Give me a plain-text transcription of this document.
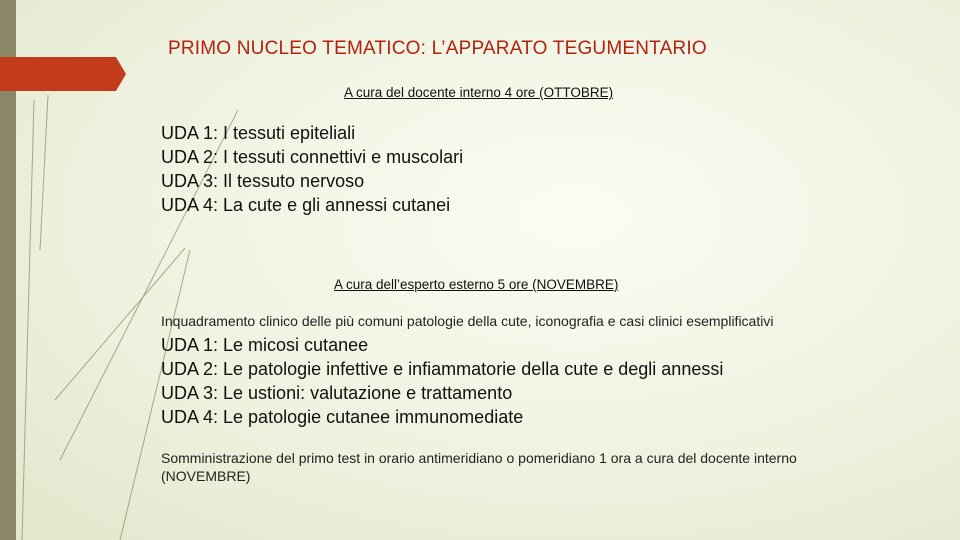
PRIMO NUCLEO TEMATICO: L’APPARATO TEGUMENTARIO
A cura del docente interno 4 ore (OTTOBRE)
UDA 1: I tessuti epiteliali
UDA 2: I tessuti connettivi e muscolari
UDA 3: Il tessuto nervoso
UDA 4: La cute e gli annessi cutanei
A cura dell’esperto esterno 5 ore (NOVEMBRE)
Inquadramento clinico delle più comuni patologie della cute, iconografia e casi clinici esemplificativi
UDA 1: Le micosi cutanee
UDA 2: Le patologie infettive e infiammatorie della cute e degli annessi
UDA 3: Le ustioni: valutazione e trattamento
UDA 4: Le patologie cutanee immunomediate
Somministrazione del primo test in orario antimeridiano o pomeridiano 1 ora a cura del docente interno (NOVEMBRE)
